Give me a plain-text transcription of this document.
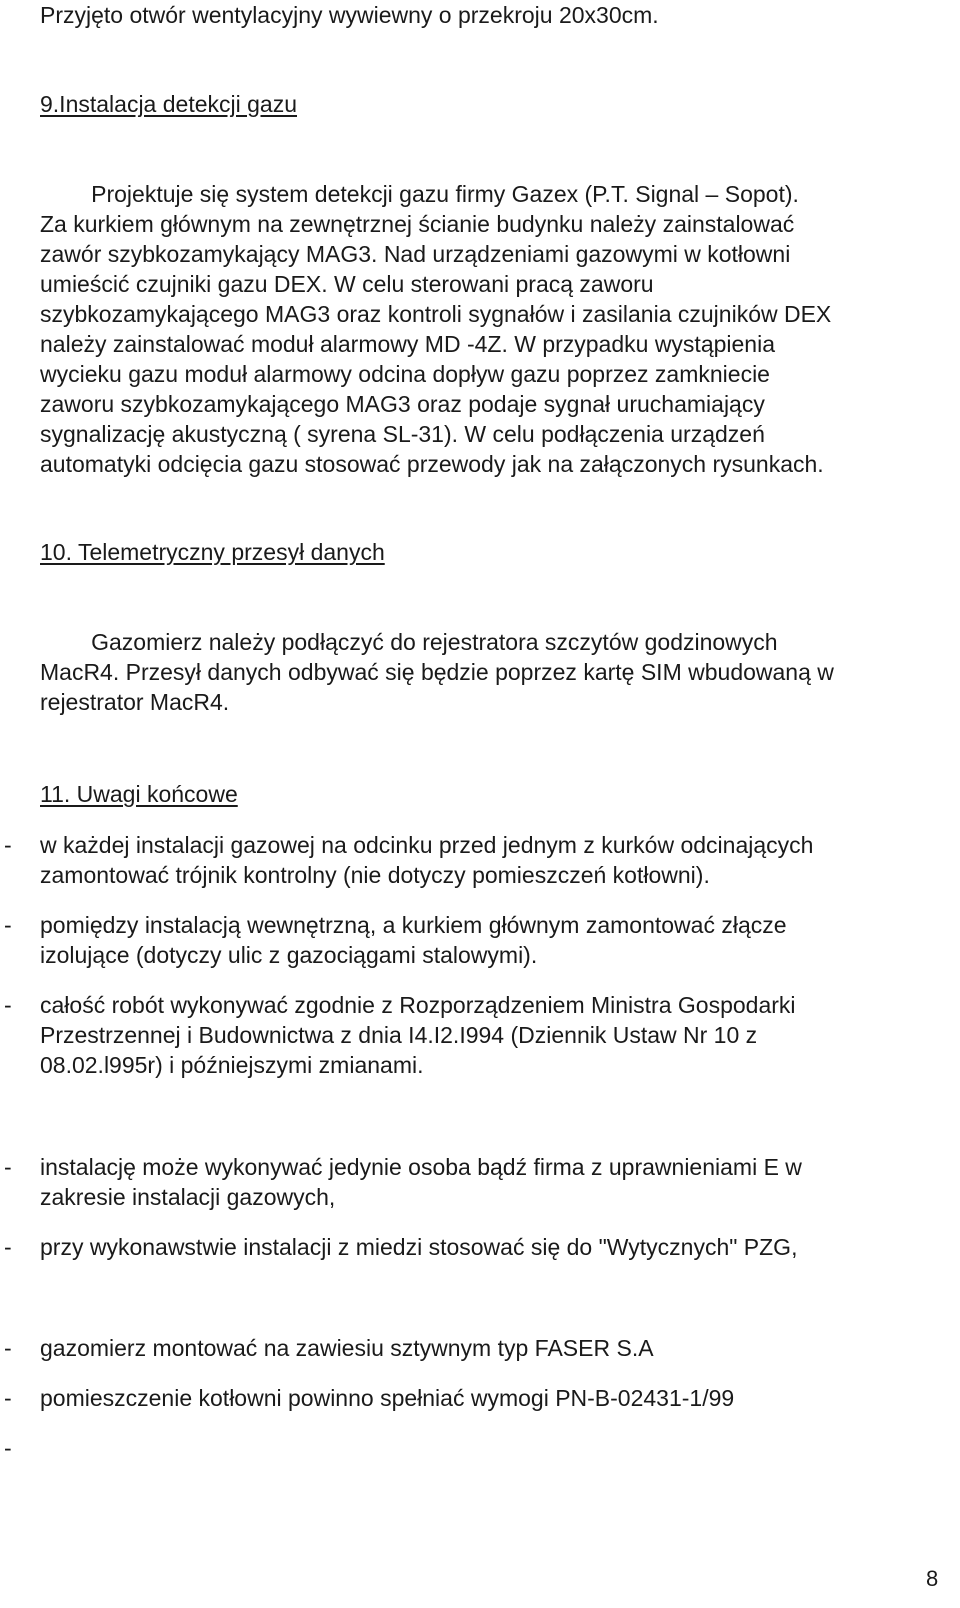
Przyjęto otwór wentylacyjny wywiewny o przekroju 20x30cm.
9.Instalacja detekcji gazu
Projektuje się system detekcji gazu firmy Gazex (P.T. Signal – Sopot).
Za kurkiem głównym na zewnętrznej ścianie budynku należy zainstalować
zawór szybkozamykający MAG3. Nad urządzeniami gazowymi w kotłowni
umieścić czujniki gazu DEX. W celu sterowani pracą zaworu
szybkozamykającego MAG3 oraz kontroli sygnałów i zasilania czujników DEX
należy zainstalować moduł alarmowy MD -4Z. W przypadku wystąpienia
wycieku gazu moduł alarmowy odcina dopływ gazu poprzez zamkniecie
zaworu szybkozamykającego MAG3 oraz podaje sygnał uruchamiający
sygnalizację akustyczną ( syrena SL-31). W celu podłączenia urządzeń
automatyki odcięcia gazu stosować przewody jak na załączonych rysunkach.
10. Telemetryczny przesył danych
Gazomierz należy podłączyć do rejestratora szczytów godzinowych
MacR4. Przesył danych odbywać się będzie poprzez kartę SIM wbudowaną w
rejestrator MacR4.
11. Uwagi końcowe
- w każdej instalacji gazowej na odcinku przed jednym z kurków odcinających
zamontować trójnik kontrolny (nie dotyczy pomieszczeń kotłowni).
- pomiędzy instalacją wewnętrzną, a kurkiem głównym zamontować złącze
izolujące (dotyczy ulic z gazociągami stalowymi).
- całość robót wykonywać zgodnie z Rozporządzeniem Ministra Gospodarki
Przestrzennej i Budownictwa z dnia I4.I2.I994 (Dziennik Ustaw Nr 10 z
08.02.l995r) i późniejszymi zmianami.
- instalację może wykonywać jedynie osoba bądź firma z uprawnieniami E w
zakresie instalacji gazowych,
- przy wykonawstwie instalacji z miedzi stosować się do "Wytycznych" PZG,
- gazomierz montować na zawiesiu sztywnym typ FASER S.A
- pomieszczenie kotłowni powinno spełniać wymogi PN-B-02431-1/99
-
8
